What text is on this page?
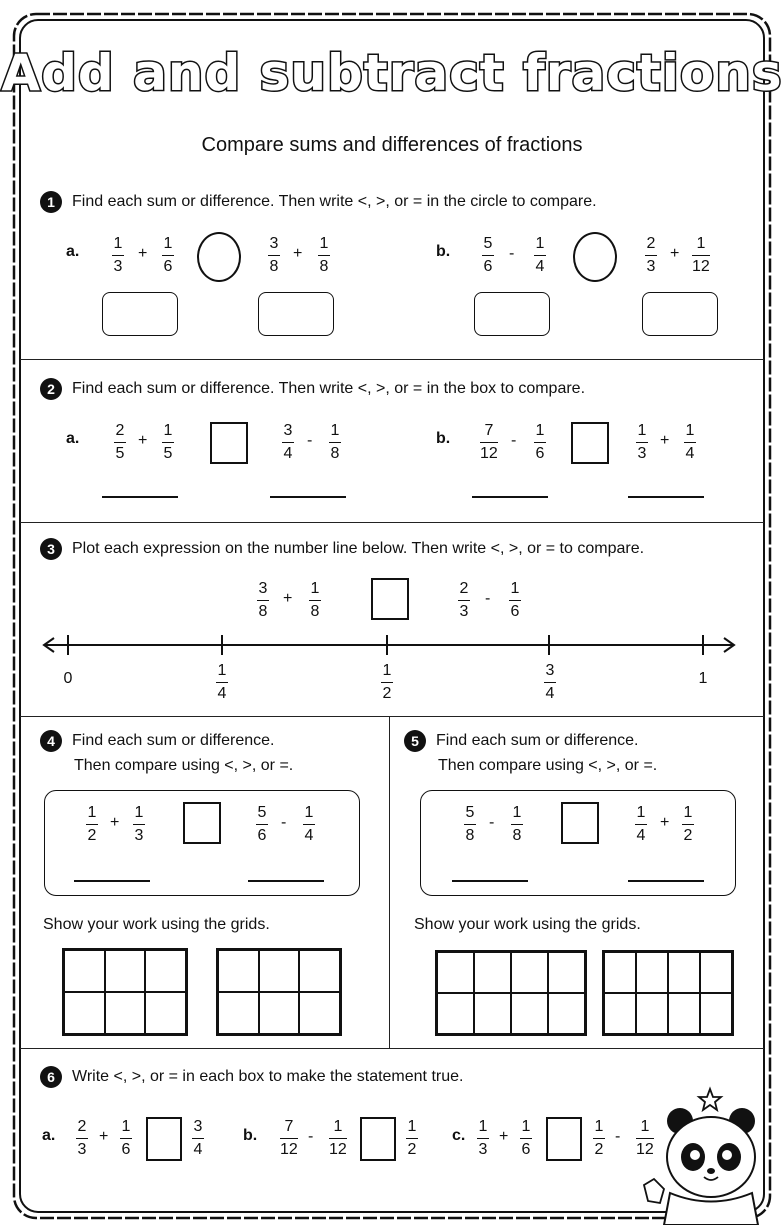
Add and subtract fractions
Compare sums and differences of fractions
1	Find each sum or difference. Then write <, >, or = in the circle to compare.
a. 1
3
+
1
6
3
8
+
1
8
b. 5
6
-
1
4
2
3
+
1
12
2	Find each sum or difference. Then write <, >, or = in the box to compare.
a. 2
5
+
1
5
3
4
-
1
8
b. 7
12
-
1
6
1
3
+
1
4
3	Plot each expression on the number line below. Then write <, >, or = to compare.
3
8
+
1
8
2
3
-
1
6
0	1
4
1
2
3
4
1
4	Find each sum or difference.
Then compare using <, >, or =.
1
2
+
1
3
5
6
-
1
4
Show your work using the grids.
5	Find each sum or difference.
Then compare using <, >, or =.
5
8
-
1
8
1
4
+
1
2
Show your work using the grids.
6	Write <, >, or = in each box to make the statement true.
a.
2
3
+
1
6
3
4
b.
7
12
-
1
12
1
2
c.
1
3
+
1
6
1
2
-
1
12
